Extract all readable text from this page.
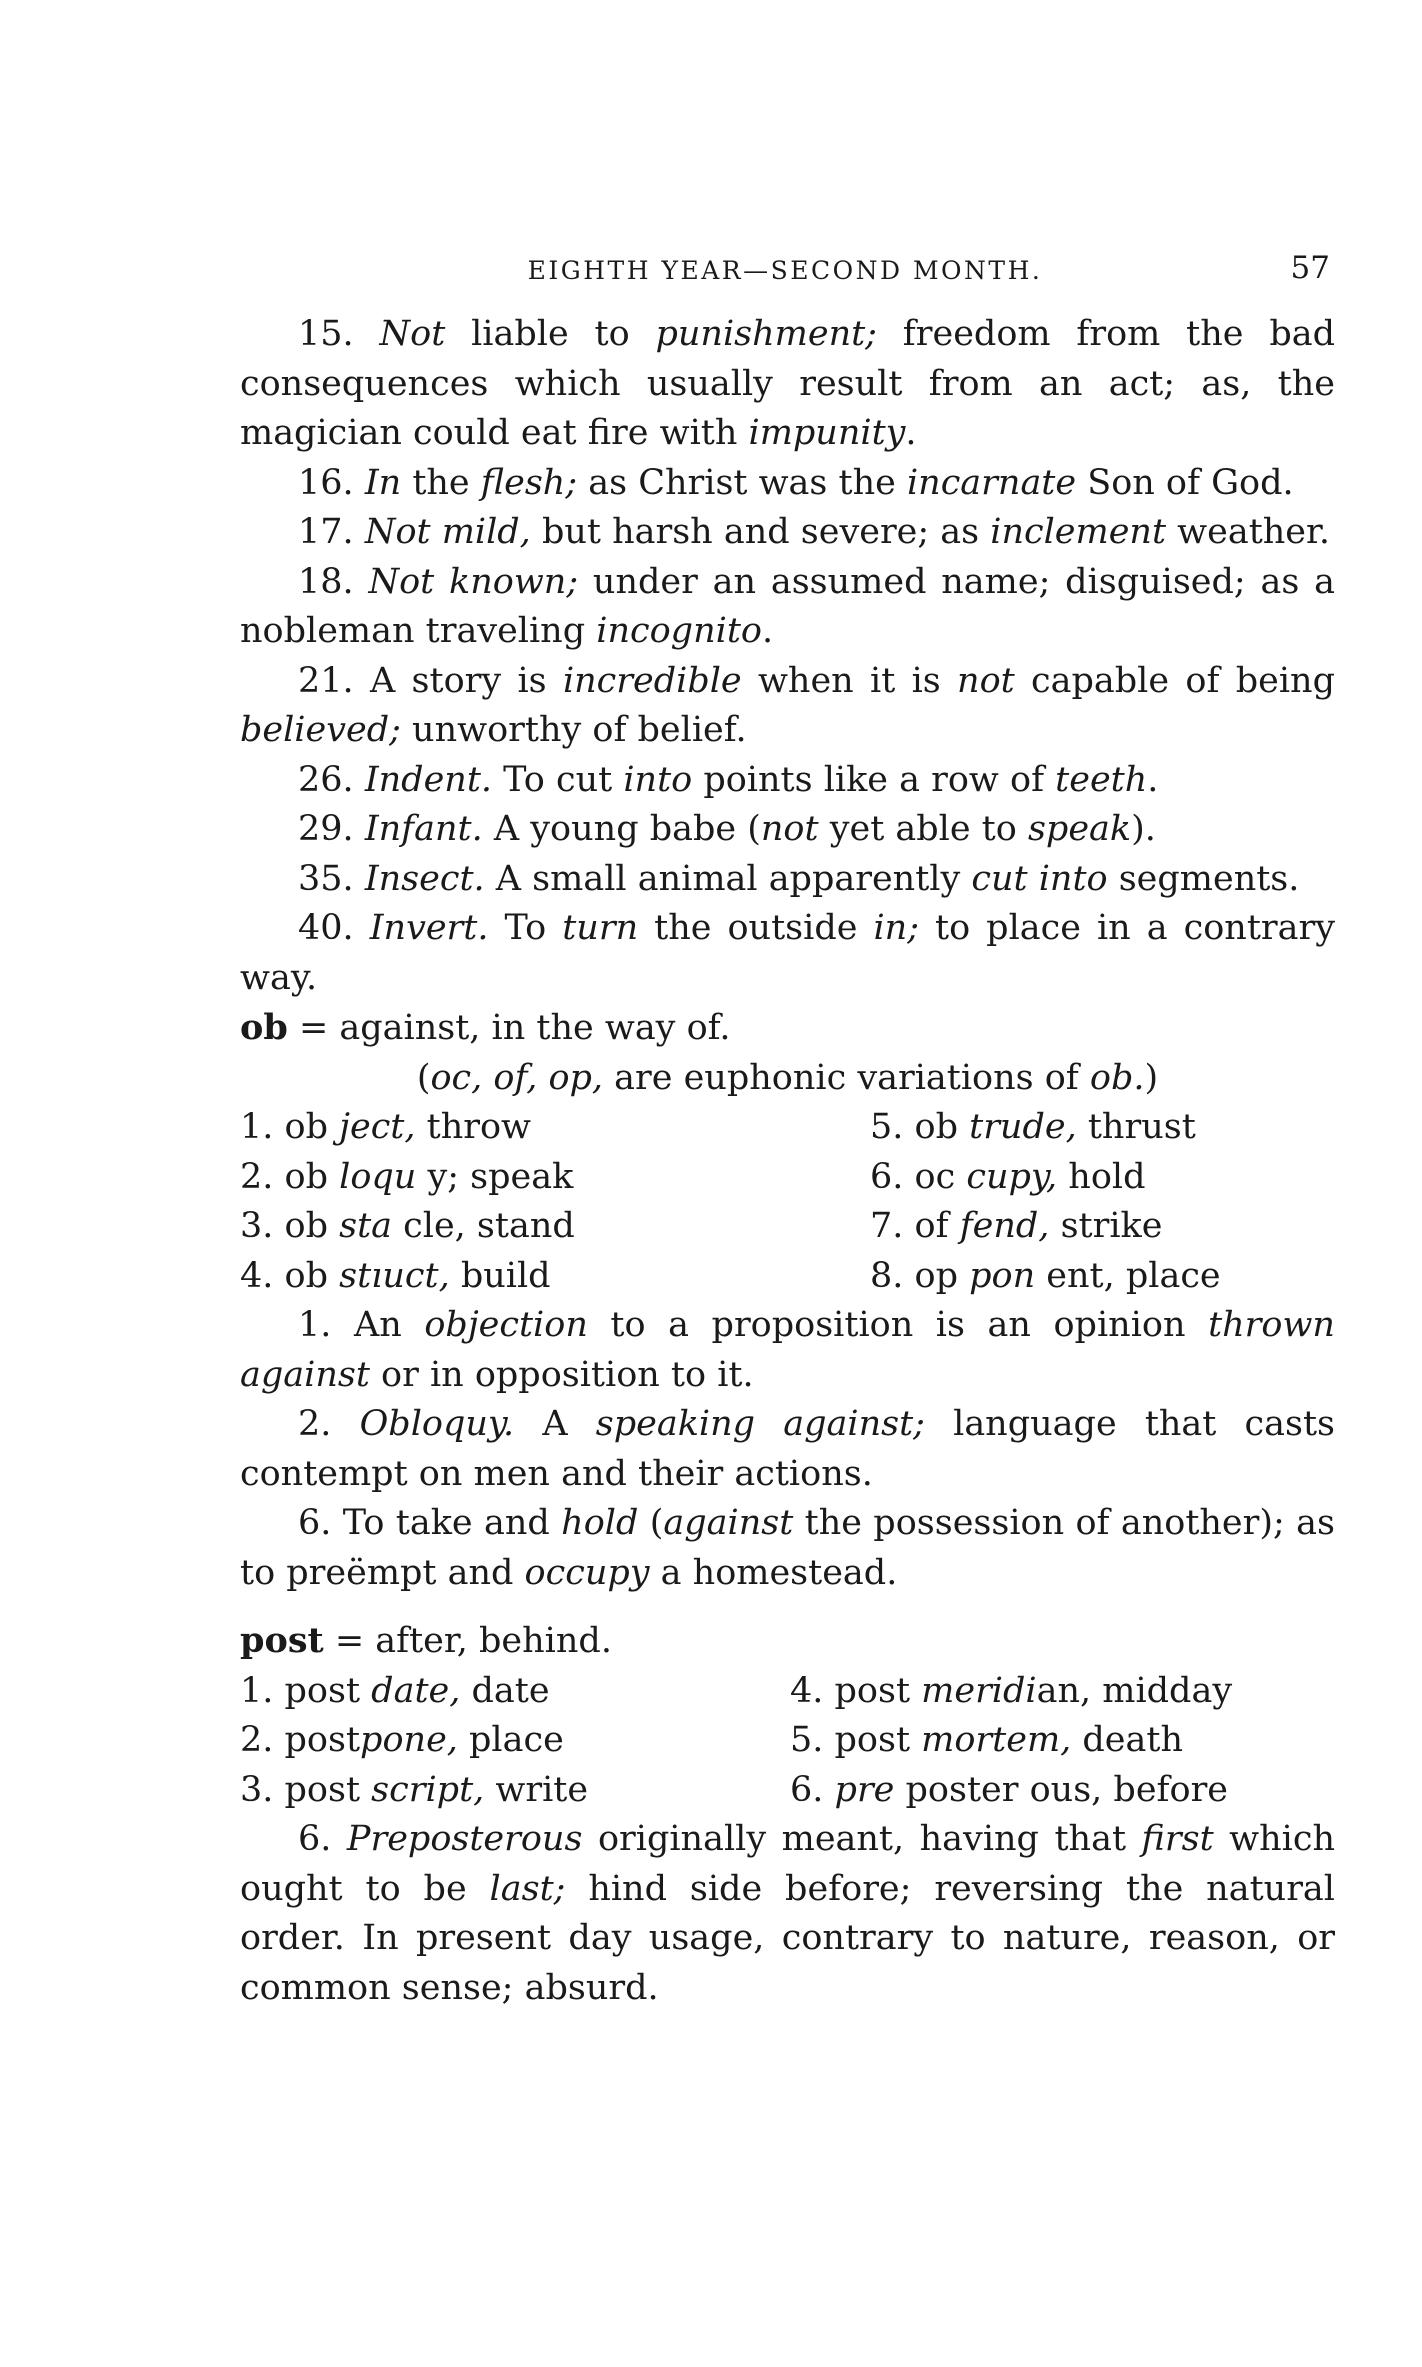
EIGHTH YEAR—SECOND MONTH.	57

15. Not liable to punishment; freedom from the bad consequences which usually result from an act; as, the magician could eat fire with impunity.

16. In the flesh; as Christ was the incarnate Son of God.

17. Not mild, but harsh and severe; as inclement weather.

18. Not known; under an assumed name; disguised; as a nobleman traveling incognito.

21. A story is incredible when it is not capable of being believed; unworthy of belief.

26. Indent. To cut into points like a row of teeth.

29. Infant. A young babe (not yet able to speak).

35. Insect. A small animal apparently cut into segments.

40. Invert. To turn the outside in; to place in a contrary way.

ob = against, in the way of.

(oc, of, op, are euphonic variations of ob.)

1. ob ject, throw	5. ob trude, thrust
2. ob loqu y; speak	6. oc cupy, hold
3. ob sta cle, stand	7. of fend, strike
4. ob stıuct, build	8. op pon ent, place

1. An objection to a proposition is an opinion thrown against or in opposition to it.

2. Obloquy. A speaking against; language that casts contempt on men and their actions.

6. To take and hold (against the possession of another); as to preëmpt and occupy a homestead.

post = after, behind.

1. post date, date	4. post meridian, midday
2. postpone, place	5. post mortem, death
3. post script, write	6. pre poster ous, before

6. Preposterous originally meant, having that first which ought to be last; hind side before; reversing the natural order. In present day usage, contrary to nature, reason, or common sense; absurd.
